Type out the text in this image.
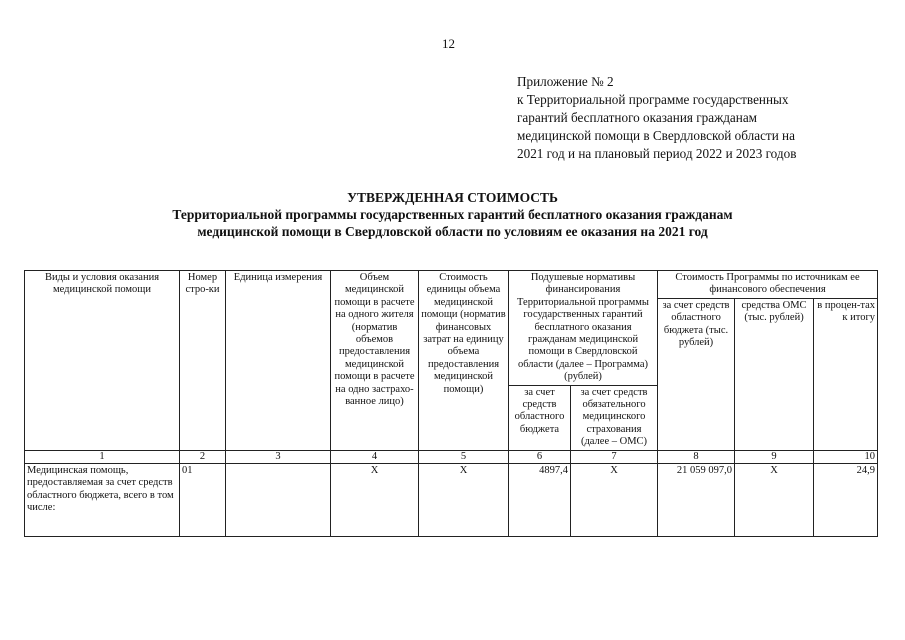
12
Приложение № 2
к Территориальной программе государственных
гарантий бесплатного оказания гражданам
медицинской помощи в Свердловской области на
2021 год и на плановый период 2022 и 2023 годов
УТВЕРЖДЕННАЯ СТОИМОСТЬ
Территориальной программы государственных гарантий бесплатного оказания гражданам
медицинской помощи в Свердловской области по условиям ее оказания на 2021 год
Виды и условия оказания медицинской помощи	Номер стро-ки	Единица измерения	Объем медицинской помощи в расчете на одного жителя (норматив объемов предоставления медицинской помощи в расчете на одно застрахо-ванное лицо)	Стоимость единицы объема медицинской помощи (норматив финансовых затрат на единицу объема предоставления медицинской помощи)	Подушевые нормативы финансирования Территориальной программы государственных гарантий бесплатного оказания гражданам медицинской помощи в Свердловской области (далее – Программа) (рублей)		Стоимость Программы по источникам ее финансового обеспечения		
							за счет средств областного бюджета (тыс. рублей)	средства ОМС (тыс. рублей)	в процен-тах к итогу
					за счет средств областного бюджета	за счет средств обязательного медицинского страхования (далее – ОМС)			
1	2	3	4	5	6	7	8	9	10
Медицинская помощь, предоставляемая за счет средств областного бюджета, всего в том числе:	01		X	X	4897,4	X	21 059 097,0	X	24,9
